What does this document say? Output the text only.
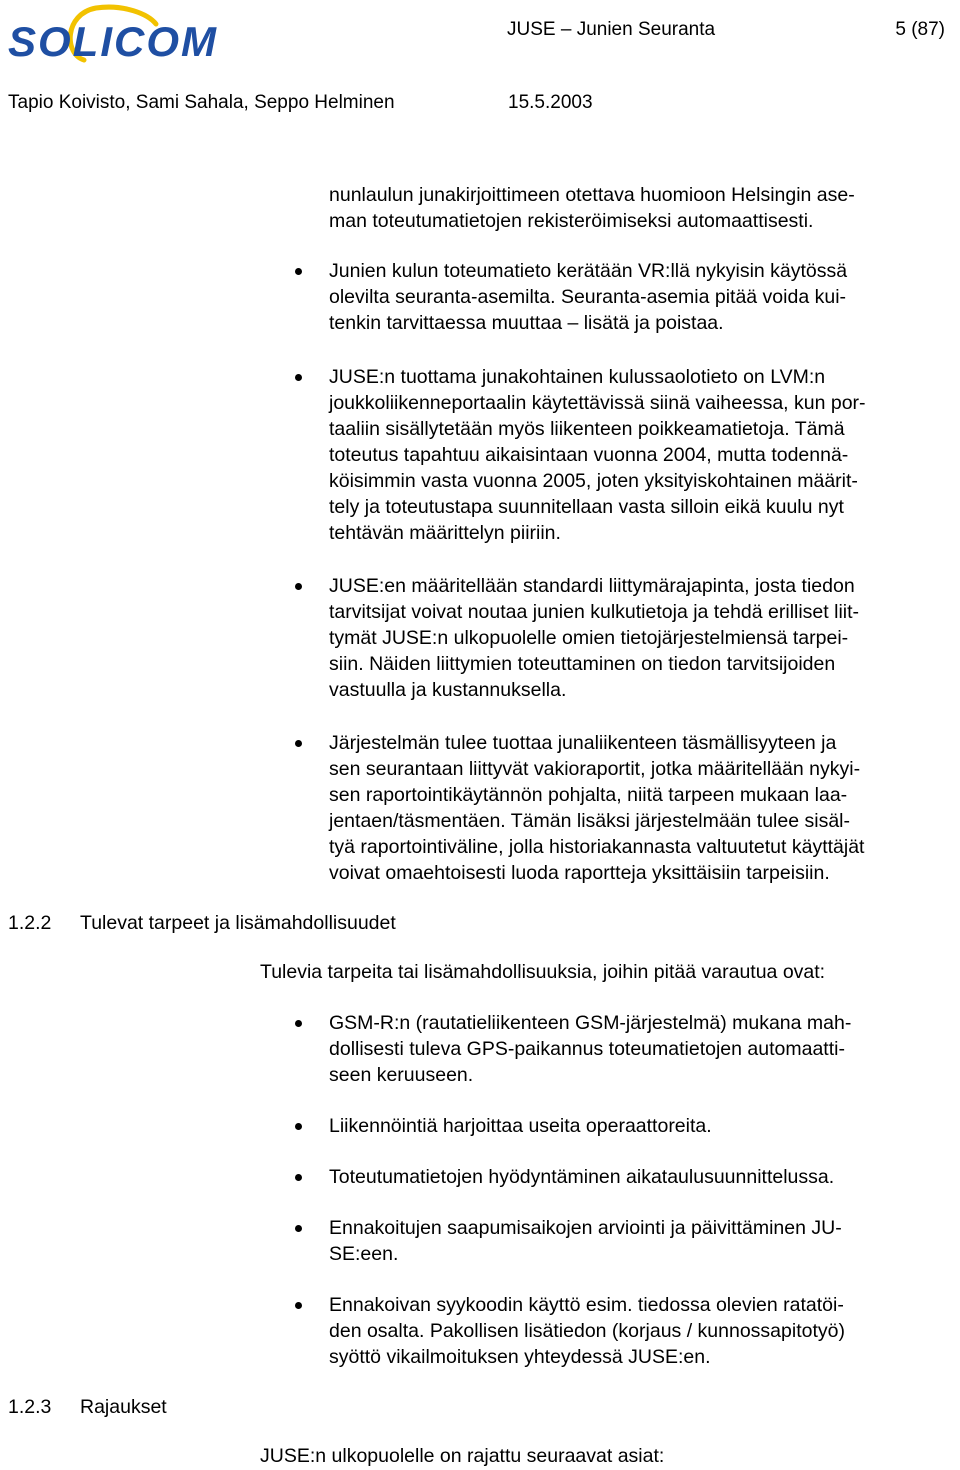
SOLICOM	JUSE – Junien Seuranta	5 (87)
Tapio Koivisto, Sami Sahala, Seppo Helminen	15.5.2003

nunlaulun junakirjoittimeen otettava huomioon Helsingin ase-
man toteutumatietojen rekisteröimiseksi automaattisesti.

Junien kulun toteumatieto kerätään VR:llä nykyisin käytössä
olevilta seuranta-asemilta. Seuranta-asemia pitää voida kui-
tenkin tarvittaessa muuttaa – lisätä ja poistaa.

JUSE:n tuottama junakohtainen kulussaolotieto on LVM:n
joukkoliikenneportaalin käytettävissä siinä vaiheessa, kun por-
taaliin sisällytetään myös liikenteen poikkeamatietoja. Tämä
toteutus tapahtuu aikaisintaan vuonna 2004, mutta todennä-
köisimmin vasta vuonna 2005, joten yksityiskohtainen määrit-
tely ja toteutustapa suunnitellaan vasta silloin eikä kuulu nyt
tehtävän määrittelyn piiriin.

JUSE:en määritellään standardi liittymärajapinta, josta tiedon
tarvitsijat voivat noutaa junien kulkutietoja ja tehdä erilliset liit-
tymät JUSE:n ulkopuolelle omien tietojärjestelmiensä tarpei-
siin. Näiden liittymien toteuttaminen on tiedon tarvitsijoiden
vastuulla ja kustannuksella.

Järjestelmän tulee tuottaa junaliikenteen täsmällisyyteen ja
sen seurantaan liittyvät vakioraportit, jotka määritellään nykyi-
sen raportointikäytännön pohjalta, niitä tarpeen mukaan laa-
jentaen/täsmentäen. Tämän lisäksi järjestelmään tulee sisäl-
tyä raportointiväline, jolla historiakannasta valtuutetut käyttäjät
voivat omaehtoisesti luoda raportteja yksittäisiin tarpeisiin.

1.2.2 Tulevat tarpeet ja lisämahdollisuudet

Tulevia tarpeita tai lisämahdollisuuksia, joihin pitää varautua ovat:

GSM-R:n (rautatieliikenteen GSM-järjestelmä) mukana mah-
dollisesti tuleva GPS-paikannus toteumatietojen automaatti-
seen keruuseen.

Liikennöintiä harjoittaa useita operaattoreita.

Toteutumatietojen hyödyntäminen aikataulusuunnittelussa.

Ennakoitujen saapumisaikojen arviointi ja päivittäminen JU-
SE:een.

Ennakoivan syykoodin käyttö esim. tiedossa olevien ratatöi-
den osalta. Pakollisen lisätiedon (korjaus / kunnossapitotyö)
syöttö vikailmoituksen yhteydessä JUSE:en.

1.2.3 Rajaukset

JUSE:n ulkopuolelle on rajattu seuraavat asiat:
